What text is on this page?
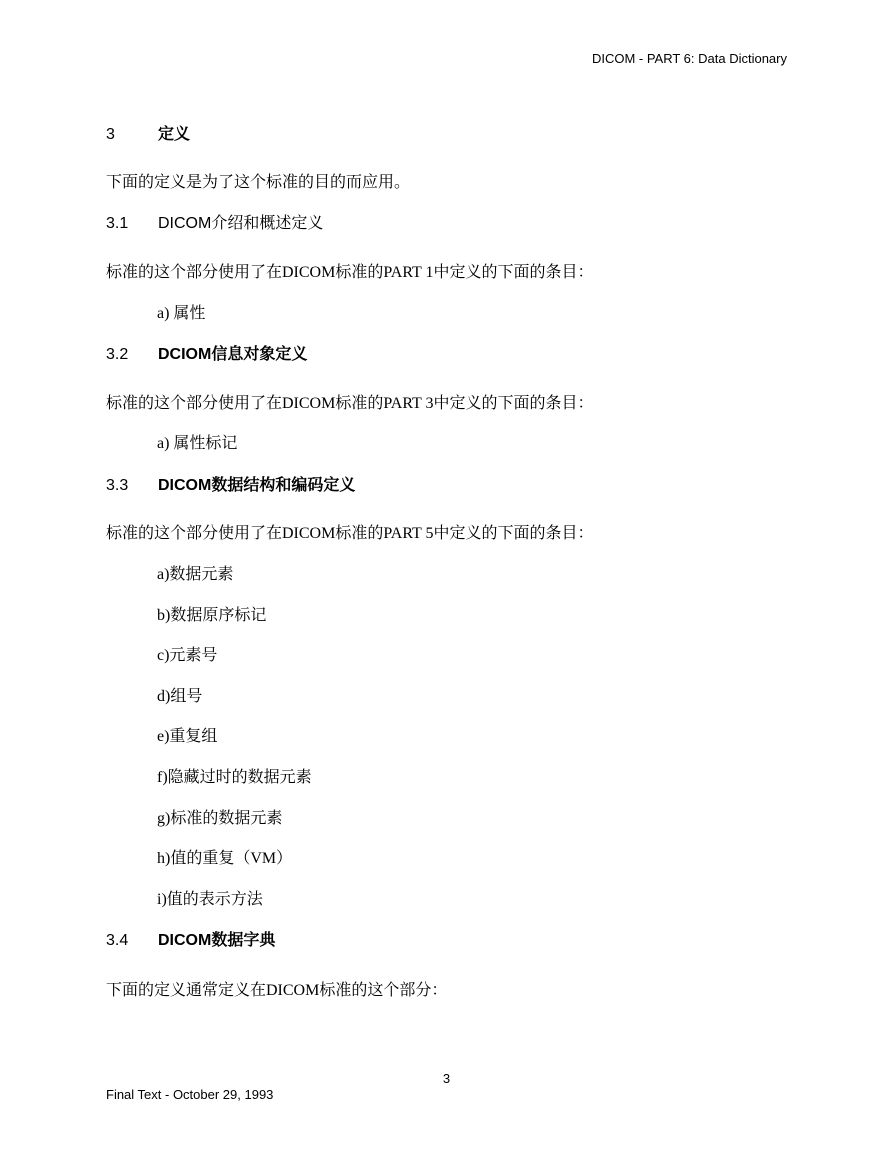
DICOM - PART 6: Data Dictionary
3	定义
下面的定义是为了这个标准的目的而应用。
3.1 DICOM介绍和概述定义
标准的这个部分使用了在DICOM标准的PART 1中定义的下面的条目：
a) 属性
3.2 DCIOM信息对象定义
标准的这个部分使用了在DICOM标准的PART 3中定义的下面的条目：
a) 属性标记
3.3 DICOM数据结构和编码定义
标准的这个部分使用了在DICOM标准的PART 5中定义的下面的条目：
a)数据元素
b)数据原序标记
c)元素号
d)组号
e)重复组
f)隐藏过时的数据元素
g)标准的数据元素
h)值的重复（VM）
i)值的表示方法
3.4 DICOM数据字典
下面的定义通常定义在DICOM标准的这个部分：
3
Final Text - October 29, 1993
